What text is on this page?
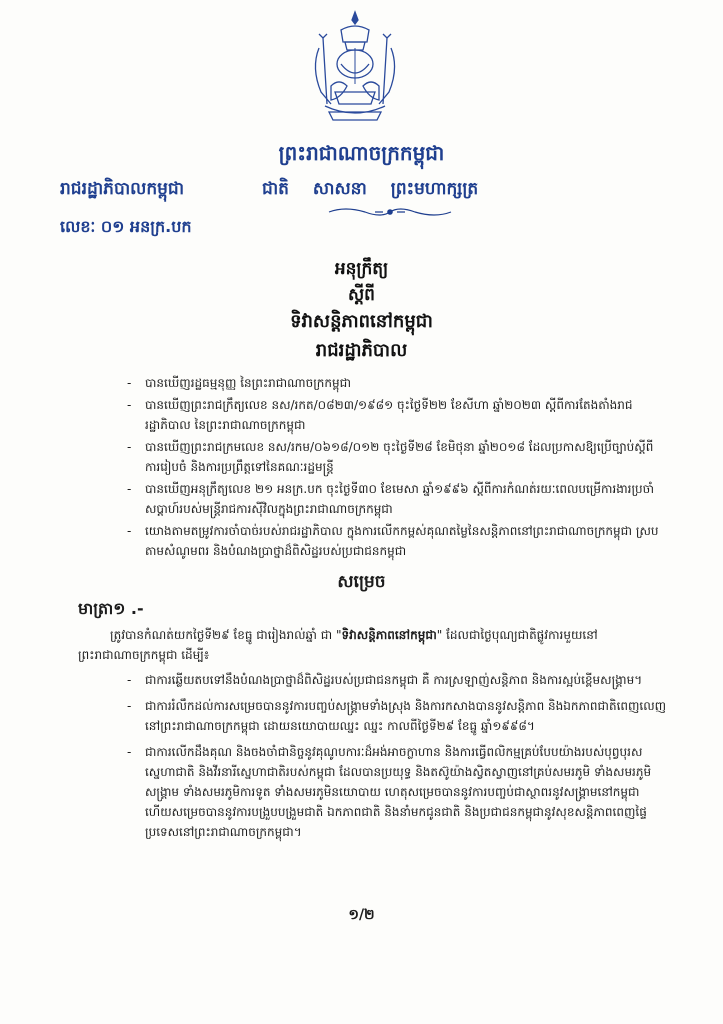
ព្រះរាជាណាចក្រកម្ពុជា
រាជរដ្ឋាភិបាលកម្ពុជា	ជាតិ សាសនា ព្រះមហាក្សត្រ
លេខៈ ០១ អនក្រ.បក
អនុក្រឹត្យ
ស្តីពី
ទិវាសន្តិភាពនៅកម្ពុជា
រាជរដ្ឋាភិបាល
- បានឃើញរដ្ឋធម្មនុញ្ញ នៃព្រះរាជាណាចក្រកម្ពុជា
- បានឃើញព្រះរាជក្រឹត្យលេខ នស/រកត/០៨២៣/១៩៨១ ចុះថ្ងៃទី២២ ខែសីហា ឆ្នាំ២០២៣ ស្តីពីការតែងតាំងរាជរដ្ឋាភិបាល នៃព្រះរាជាណាចក្រកម្ពុជា
- បានឃើញព្រះរាជក្រមលេខ នស/រកម/០៦១៨/០១២ ចុះថ្ងៃទី២៨ ខែមិថុនា ឆ្នាំ២០១៨ ដែលប្រកាសឱ្យប្រើច្បាប់ស្តីពីការរៀបចំ និងការប្រព្រឹត្តទៅនៃគណៈរដ្ឋមន្ត្រី
- បានឃើញអនុក្រឹត្យលេខ ២១ អនក្រ.បក ចុះថ្ងៃទី៣០ ខែមេសា ឆ្នាំ១៩៩៦ ស្តីពីការកំណត់រយៈពេលបម្រើការងារប្រចាំសប្តាហ៍របស់មន្ត្រីរាជការស៊ីវិលក្នុងព្រះរាជាណាចក្រកម្ពុជា
- យោងតាមតម្រូវការចាំបាច់របស់រាជរដ្ឋាភិបាល ក្នុងការលើកកម្ពស់គុណតម្លៃនៃសន្តិភាពនៅព្រះរាជាណាចក្រកម្ពុជា ស្របតាមសំណូមពរ និងបំណងប្រាថ្នាដ៏ពិសិដ្ឋរបស់ប្រជាជនកម្ពុជា
សម្រេច
មាត្រា១ .-

ត្រូវបានកំណត់យកថ្ងៃទី២៩ ខែធ្នូ ជារៀងរាល់ឆ្នាំ ជា "ទិវាសន្តិភាពនៅកម្ពុជា" ដែលជាថ្ងៃបុណ្យជាតិផ្លូវការមួយនៅព្រះរាជាណាចក្រកម្ពុជា ដើម្បី៖

- ជាការឆ្លើយតបទៅនឹងបំណងប្រាថ្នាដ៏ពិសិដ្ឋរបស់ប្រជាជនកម្ពុជា គឺ ការស្រឡាញ់សន្តិភាព និងការស្អប់ខ្ពើមសង្គ្រាម។
- ជាការរំលឹកដល់ការសម្រេចបាននូវការបញ្ចប់សង្គ្រាមទាំងស្រុង និងការកសាងបាននូវសន្តិភាព និងឯកភាពជាតិពេញលេញ នៅព្រះរាជាណាចក្រកម្ពុជា ដោយនយោបាយឈ្នះ ឈ្នះ កាលពីថ្ងៃទី២៩ ខែធ្នូ ឆ្នាំ១៩៩៨។
- ជាការលើកដឹងគុណ និងចងចាំជានិច្ចនូវគុណូបការៈដ៏អង់អាចក្លាហាន និងការធ្វើពលិកម្មគ្រប់បែបយ៉ាងរបស់បុព្វបុរសស្នេហាជាតិ និងវីរនារីស្នេហាជាតិរបស់កម្ពុជា ដែលបានប្រយុទ្ធ និងតស៊ូយ៉ាងស្វិតស្វាញនៅគ្រប់សមរភូមិ ទាំងសមរភូមិសង្គ្រាម ទាំងសមរភូមិការទូត ទាំងសមរភូមិនយោបាយ ហេតុសម្រេចបាននូវការបញ្ចប់ជាស្ថាពរនូវសង្គ្រាមនៅកម្ពុជា ហើយសម្រេចបាននូវការបង្រួបបង្រួមជាតិ ឯកភាពជាតិ និងនាំមកជូនជាតិ និងប្រជាជនកម្ពុជានូវសុខសន្តិភាពពេញផ្ទៃប្រទេសនៅព្រះរាជាណាចក្រកម្ពុជា។
១/២
